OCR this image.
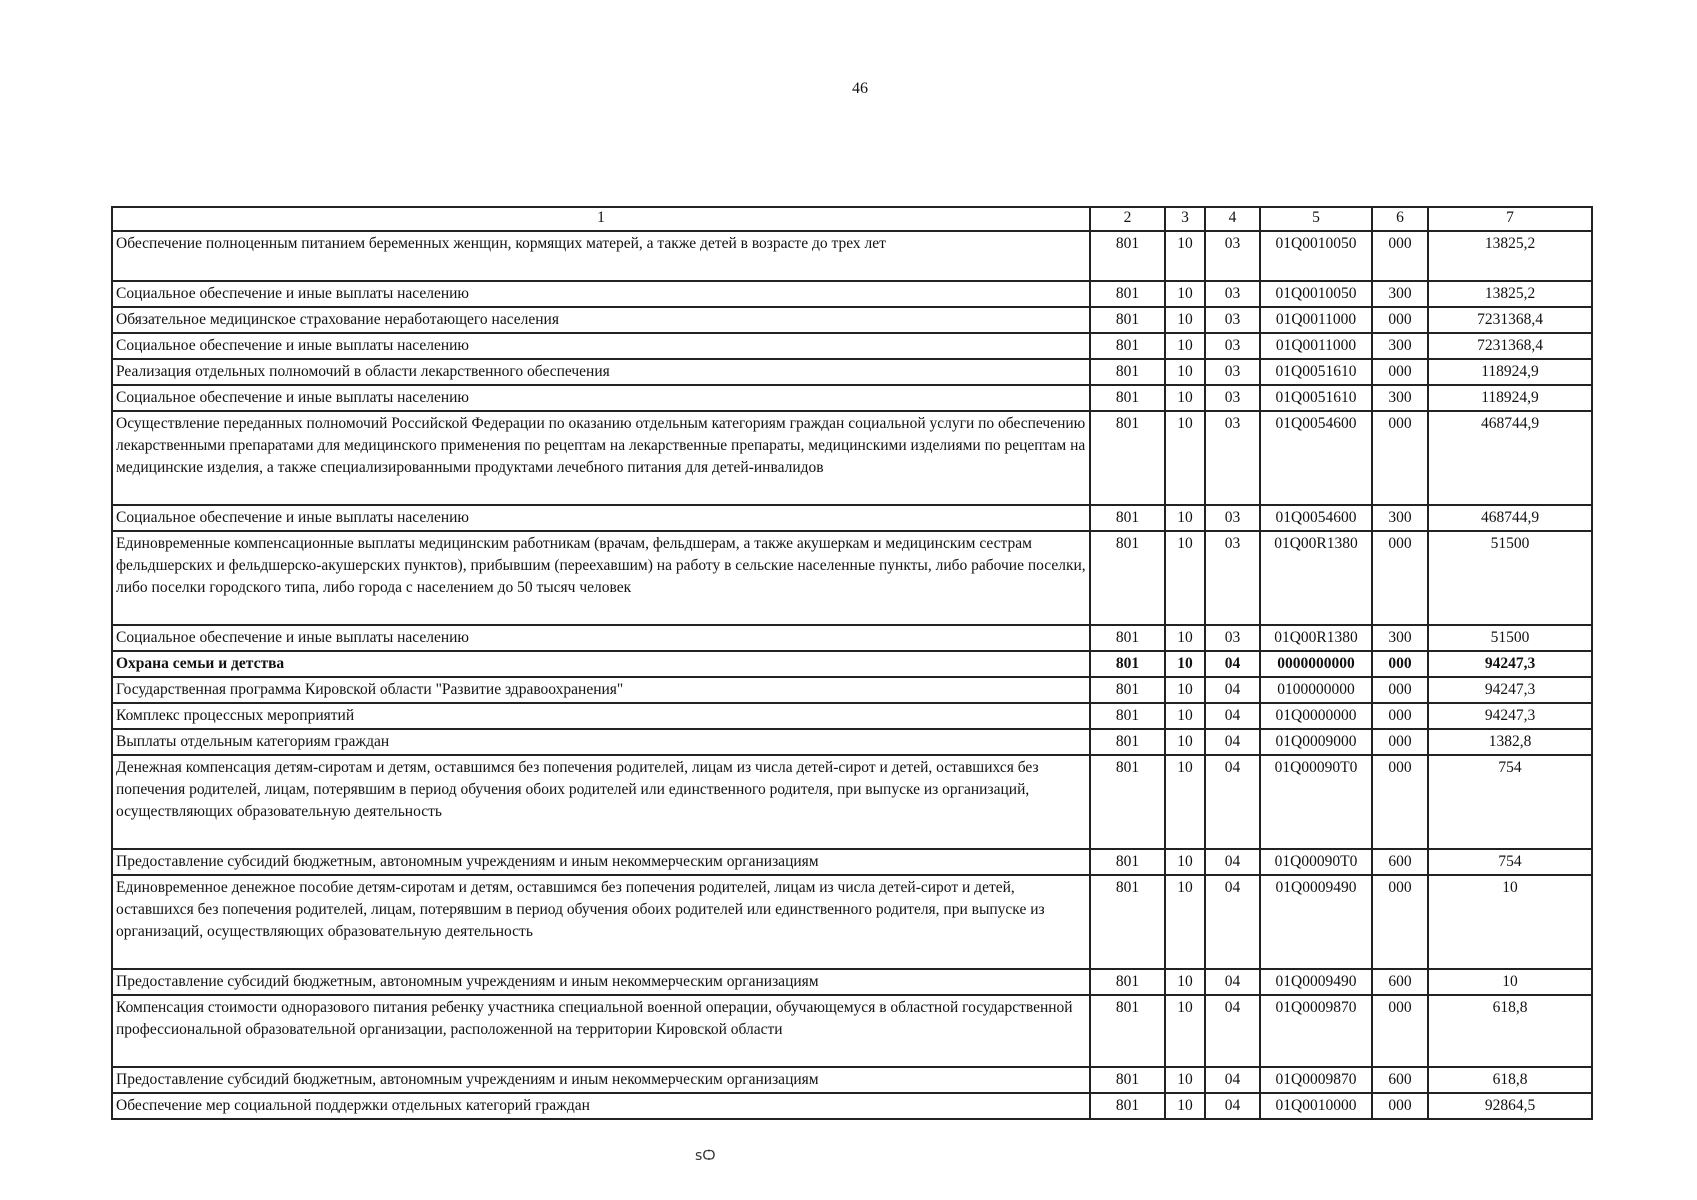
46
1	2	3	4	5	6	7
Обеспечение полноценным питанием беременных женщин, кормящих матерей, а также детей в возрасте до трех лет	801	10	03	01Q0010050	000	13825,2
Социальное обеспечение и иные выплаты населению	801	10	03	01Q0010050	300	13825,2
Обязательное медицинское страхование неработающего населения	801	10	03	01Q0011000	000	7231368,4
Социальное обеспечение и иные выплаты населению	801	10	03	01Q0011000	300	7231368,4
Реализация отдельных полномочий в области лекарственного обеспечения	801	10	03	01Q0051610	000	118924,9
Социальное обеспечение и иные выплаты населению	801	10	03	01Q0051610	300	118924,9
Осуществление переданных полномочий Российской Федерации по оказанию отдельным категориям граждан социальной услуги по обеспечению лекарственными препаратами для медицинского применения по рецептам на лекарственные препараты, медицинскими изделиями по рецептам на медицинские изделия, а также специализированными продуктами лечебного питания для детей-инвалидов	801	10	03	01Q0054600	000	468744,9
Социальное обеспечение и иные выплаты населению	801	10	03	01Q0054600	300	468744,9
Единовременные компенсационные выплаты медицинским работникам (врачам, фельдшерам, а также акушеркам и медицинским сестрам фельдшерских и фельдшерско-акушерских пунктов), прибывшим (переехавшим) на работу в сельские населенные пункты, либо рабочие поселки, либо поселки городского типа, либо города с населением до 50 тысяч человек	801	10	03	01Q00R1380	000	51500
Социальное обеспечение и иные выплаты населению	801	10	03	01Q00R1380	300	51500
Охрана семьи и детства	801	10	04	0000000000	000	94247,3
Государственная программа Кировской области "Развитие здравоохранения"	801	10	04	0100000000	000	94247,3
Комплекс процессных мероприятий	801	10	04	01Q0000000	000	94247,3
Выплаты отдельным категориям граждан	801	10	04	01Q0009000	000	1382,8
Денежная компенсация детям-сиротам и детям, оставшимся без попечения родителей, лицам из числа детей-сирот и детей, оставшихся без попечения родителей, лицам, потерявшим в период обучения обоих родителей или единственного родителя, при выпуске из организаций, осуществляющих образовательную деятельность	801	10	04	01Q00090T0	000	754
Предоставление субсидий бюджетным, автономным учреждениям и иным некоммерческим организациям	801	10	04	01Q00090T0	600	754
Единовременное денежное пособие детям-сиротам и детям, оставшимся без попечения родителей, лицам из числа детей-сирот и детей, оставшихся без попечения родителей, лицам, потерявшим в период обучения обоих родителей или единственного родителя, при выпуске из организаций, осуществляющих образовательную деятельность	801	10	04	01Q0009490	000	10
Предоставление субсидий бюджетным, автономным учреждениям и иным некоммерческим организациям	801	10	04	01Q0009490	600	10
Компенсация стоимости одноразового питания ребенку участника специальной военной операции, обучающемуся в областной государственной профессиональной образовательной организации, расположенной на территории Кировской области	801	10	04	01Q0009870	000	618,8
Предоставление субсидий бюджетным, автономным учреждениям и иным некоммерческим организациям	801	10	04	01Q0009870	600	618,8
Обеспечение мер социальной поддержки отдельных категорий граждан	801	10	04	01Q0010000	000	92864,5
ѕѺ
